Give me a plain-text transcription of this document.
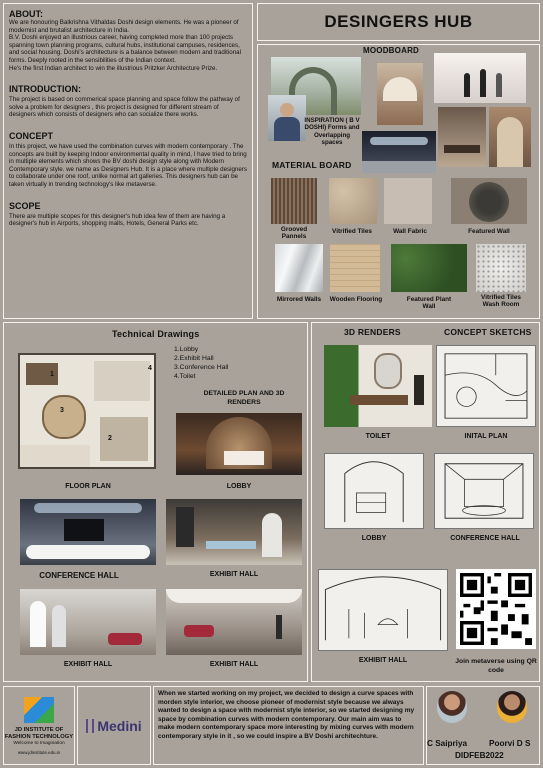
ABOUT:
We are honouring Balkrishna Vithaldas Doshi design elements. He was a pioneer of modernist and brutalist architecture in India.
B.V. Doshi enjoyed an illustrious career, having completed more than 100 projects spanning town planning programs, cultural hubs, institutional campuses, residences, and social housing. Doshi's architecture is a balance between modern and traditional forms. Deeply rooted in the sensibilities of the Indian context.
He's the first Indian architect to win the illustrious Pritzker Architecture Prize.
INTRODUCTION:
The project is based on commerical space planning and space follow the pathway of solve a problem for designers , this project is designed for different stream of designers which consists of designers who can socialize there works.
CONCEPT
In this project, we have used the combination curves with modern contemporary . The concepts are built by keeping Indoor environmental quality in mind, I have tried to bring in multiple elements which shows the BV doshi design style along with Modern Contemporary style. we name as Designers Hub. It is a place where multiple designers to collaborate under one roof, unlike normal art galleries. This designers hub can be taken virtually in trending technology's like metaverse.
SCOPE
There are multiple scopes for this designer's hub idea few of them are having a designer's hub in Airports, shopping malls, Hotels, General Parks etc.
DESINGERS HUB
MOODBOARD
INSPIRATION ( B V DOSHI) Forms and Overlapping spaces
MATERIAL BOARD
Grooved Pannels
Vitrified Tiles	Wall Fabric	Featured Wall
Mirrored Walls	Wooden Flooring	Featured Plant Wall
Vitrified Tiles Wash Room
Technical Drawings
1
2
3
4
FLOOR PLAN
1.Lobby
2.Exhibit Hall
3.Conference Hall
4.Toilet
DETAILED PLAN AND 3D RENDERS
LOBBY
CONFERENCE HALL	EXHIBIT HALL
EXHIBIT HALL	EXHIBIT HALL
3D RENDERS	CONCEPT SKETCHS
TOILET	INITAL PLAN
LOBBY	CONFERENCE HALL
EXHIBIT HALL	Join metaverse using QR code
JD INSTITUTE OF FASHION TECHNOLOGY
Welcome to Imagination
www.jdinstitute.edu.in
Medini
When we started working on my project, we decided to design a curve spaces with morden style interior, we choose pioneer of modernist style because we always wanted to design a space with modernist style interior, so we started designing my space by combination curves with modern contemporary. Our main aim was to make modern contemporary space more interesting by mixing curves with modern contemporary style in it , so we could inspire a BV Doshi architechture.
C Saipriya	Poorvi D S
DIDFEB2022
